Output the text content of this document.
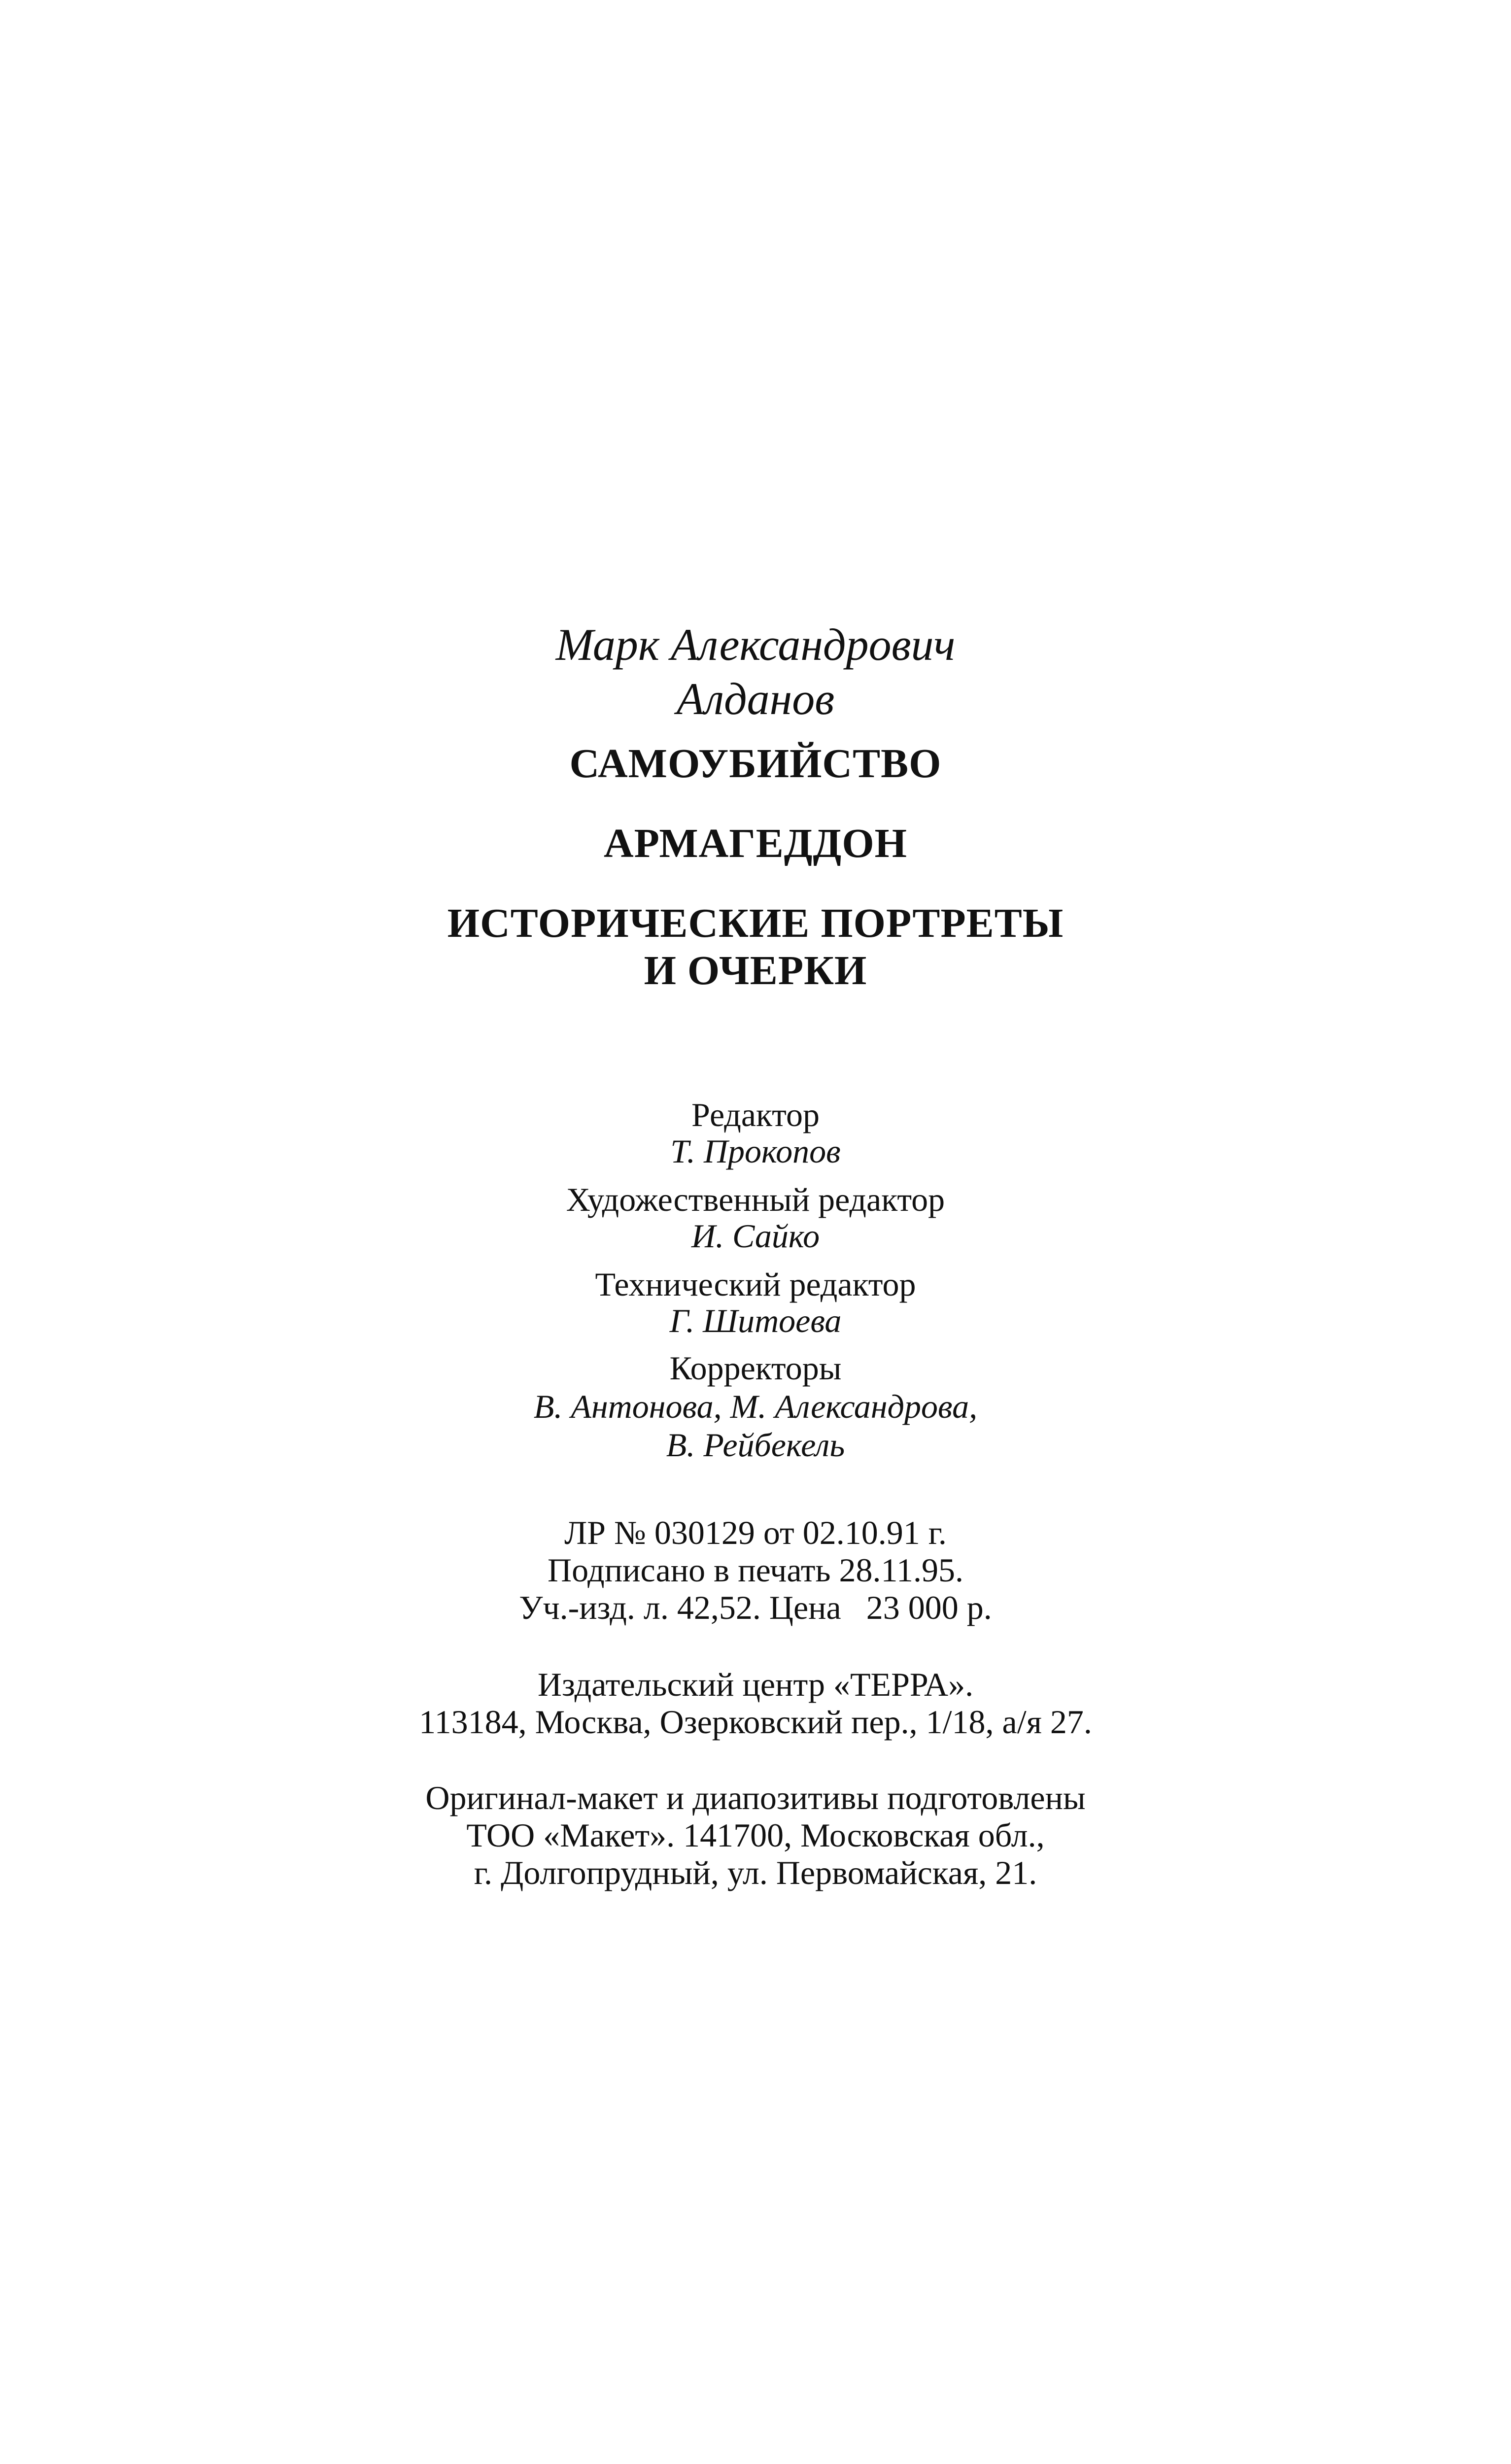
Марк Александрович
Алданов
САМОУБИЙСТВО
АРМАГЕДДОН
ИСТОРИЧЕСКИЕ ПОРТРЕТЫ
И ОЧЕРКИ
Редактор
Т. Прокопов
Художественный редактор
И. Сайко
Технический редактор
Г. Шитоева
Корректоры
В. Антонова, М. Александрова,
В. Рейбекель
ЛР № 030129 от 02.10.91 г.
Подписано в печать 28.11.95.
Уч.-изд. л. 42,52. Цена   23 000 р.
Издательский центр «ТЕРРА».
113184, Москва, Озерковский пер., 1/18, а/я 27.
Оригинал-макет и диапозитивы подготовлены
ТОО «Макет». 141700, Московская обл.,
г. Долгопрудный, ул. Первомайская, 21.
